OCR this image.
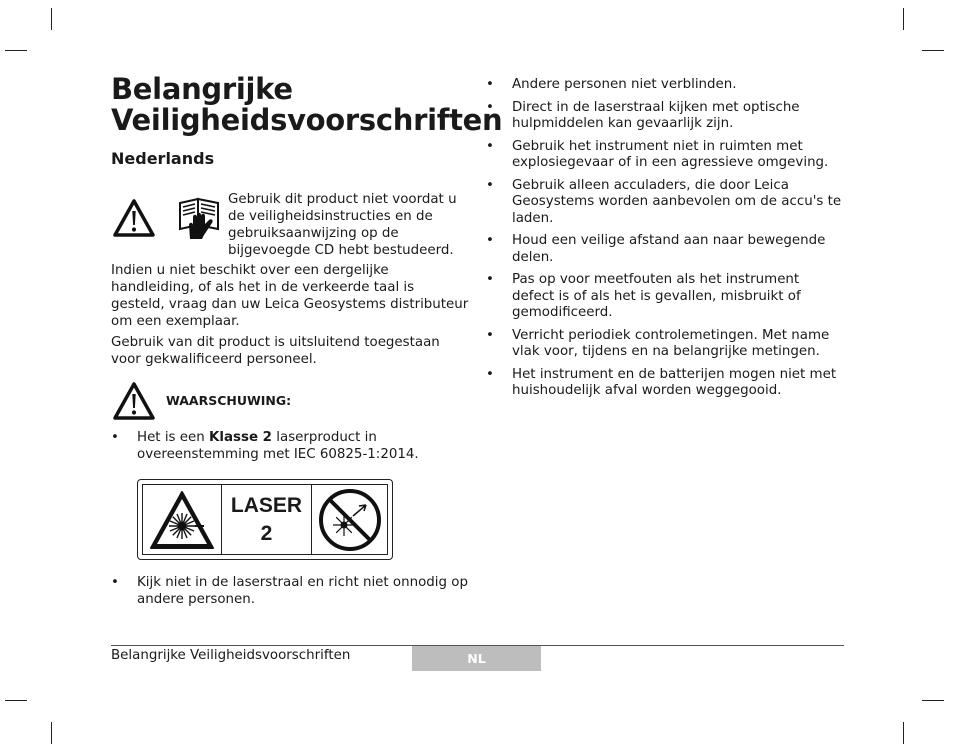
Belangrijke Veiligheidsvoorschriften
Nederlands

Gebruik dit product niet voordat u de veiligheidsinstructies en de gebruiksaanwijzing op de bijgevoegde CD hebt bestudeerd.

Indien u niet beschikt over een dergelijke handleiding, of als het in de verkeerde taal is gesteld, vraag dan uw Leica Geosystems distributeur om een exemplaar.

Gebruik van dit product is uitsluitend toegestaan voor gekwalificeerd personeel.

WAARSCHUWING:
• Het is een Klasse 2 laserproduct in overeenstemming met IEC 60825-1:2014.
LASER
2
• Kijk niet in de laserstraal en richt niet onnodig op andere personen.
• Andere personen niet verblinden.
• Direct in de laserstraal kijken met optische hulpmiddelen kan gevaarlijk zijn.
• Gebruik het instrument niet in ruimten met explosiegevaar of in een agressieve omgeving.
• Gebruik alleen acculaders, die door Leica Geosystems worden aanbevolen om de accu's te laden.
• Houd een veilige afstand aan naar bewegende delen.
• Pas op voor meetfouten als het instrument defect is of als het is gevallen, misbruikt of gemodificeerd.
• Verricht periodiek controlemetingen. Met name vlak voor, tijdens en na belangrijke metingen.
• Het instrument en de batterijen mogen niet met huishoudelijk afval worden weggegooid.
Belangrijke Veiligheidsvoorschriften	NL
